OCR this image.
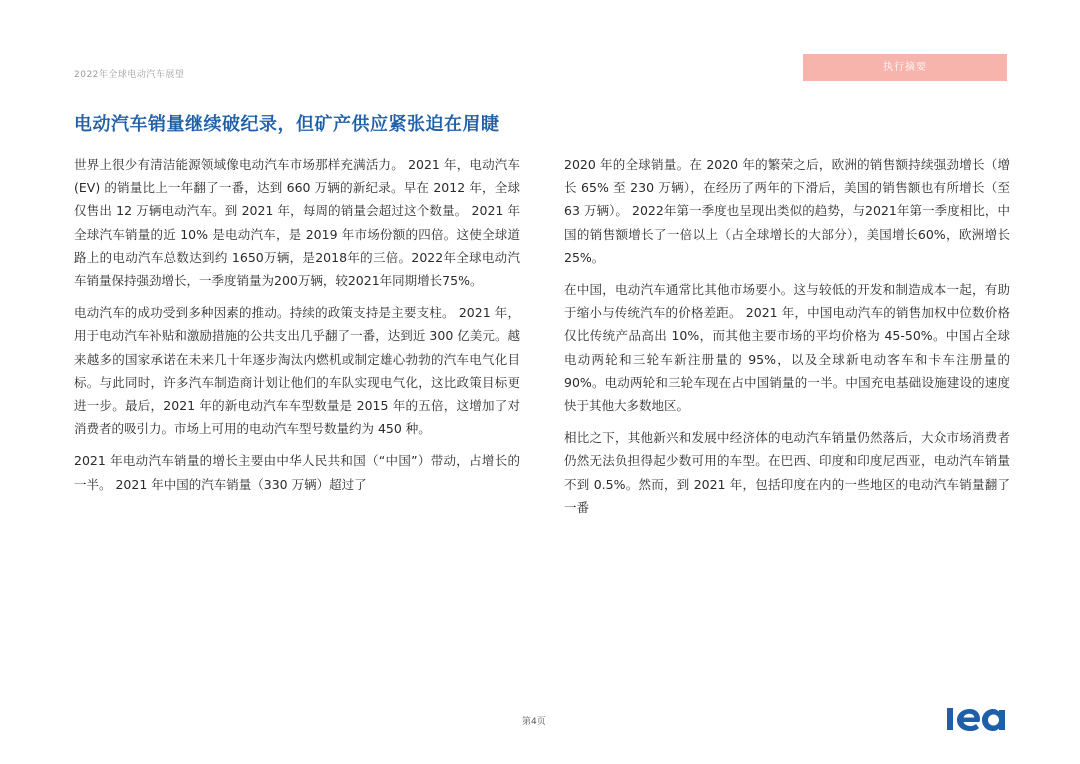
2022年全球电动汽车展望
执行摘要
电动汽车销量继续破纪录，但矿产供应紧张迫在眉睫

世界上很少有清洁能源领域像电动汽车市场那样充满活力。 2021 年，电动汽车 (EV) 的销量比上一年翻了一番，达到 660 万辆的新纪录。早在 2012 年，全球仅售出 12 万辆电动汽车。到 2021 年，每周的销量会超过这个数量。 2021 年全球汽车销量的近 10% 是电动汽车，是 2019 年市场份额的四倍。这使全球道路上的电动汽车总数达到约 1650万辆，是2018年的三倍。2022年全球电动汽车销量保持强劲增长，一季度销量为200万辆，较2021年同期增长75%。

电动汽车的成功受到多种因素的推动。持续的政策支持是主要支柱。 2021 年，用于电动汽车补贴和激励措施的公共支出几乎翻了一番，达到近 300 亿美元。越来越多的国家承诺在未来几十年逐步淘汰内燃机或制定雄心勃勃的汽车电气化目标。与此同时，许多汽车制造商计划让他们的车队实现电气化，这比政策目标更进一步。最后，2021 年的新电动汽车车型数量是 2015 年的五倍，这增加了对消费者的吸引力。市场上可用的电动汽车型号数量约为 450 种。

2021 年电动汽车销量的增长主要由中华人民共和国（“中国”）带动，占增长的一半。 2021 年中国的汽车销量（330 万辆）超过了

2020 年的全球销量。在 2020 年的繁荣之后，欧洲的销售额持续强劲增长（增长 65% 至 230 万辆），在经历了两年的下滑后，美国的销售额也有所增长（至 63 万辆）。 2022年第一季度也呈现出类似的趋势，与2021年第一季度相比，中国的销售额增长了一倍以上（占全球增长的大部分），美国增长60%，欧洲增长25%。

在中国，电动汽车通常比其他市场要小。这与较低的开发和制造成本一起，有助于缩小与传统汽车的价格差距。 2021 年，中国电动汽车的销售加权中位数价格仅比传统产品高出 10%，而其他主要市场的平均价格为 45-50%。中国占全球电动两轮和三轮车新注册量的 95%，以及全球新电动客车和卡车注册量的 90%。电动两轮和三轮车现在占中国销量的一半。中国充电基础设施建设的速度快于其他大多数地区。

相比之下，其他新兴和发展中经济体的电动汽车销量仍然落后，大众市场消费者仍然无法负担得起少数可用的车型。在巴西、印度和印度尼西亚，电动汽车销量不到 0.5%。然而，到 2021 年，包括印度在内的一些地区的电动汽车销量翻了一番

第4页
